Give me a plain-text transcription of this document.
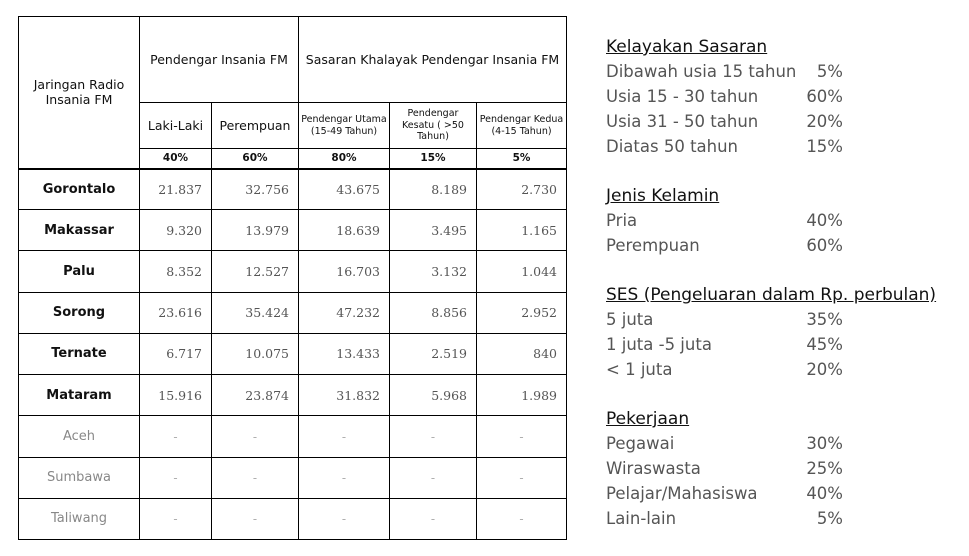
Jaringan Radio Insania FM	Pendengar Insania FM		Sasaran Khalayak Pendengar Insania FM		
	Laki-Laki	Perempuan	Pendengar Utama (15-49 Tahun)	Pendengar Kesatu ( >50 Tahun)	Pendengar Kedua (4-15 Tahun)
	40%	60%	80%	15%	5%
Gorontalo	21.837	32.756	43.675	8.189	2.730
Makassar	9.320	13.979	18.639	3.495	1.165
Palu	8.352	12.527	16.703	3.132	1.044
Sorong	23.616	35.424	47.232	8.856	2.952
Ternate	6.717	10.075	13.433	2.519	840
Mataram	15.916	23.874	31.832	5.968	1.989
Aceh	-	-	-	-	-
Sumbawa	-	-	-	-	-
Taliwang	-	-	-	-	-
Kelayakan Sasaran
Dibawah usia 15 tahun 5%
Usia 15 - 30 tahun	60%
Usia 31 - 50 tahun	20%
Diatas 50 tahun	15%
Jenis Kelamin
Pria	40%
Perempuan	60%
SES (Pengeluaran dalam Rp. perbulan)
5 juta	35%
1 juta -5 juta	45%
< 1 juta	20%
Pekerjaan
Pegawai	30%
Wiraswasta	25%
Pelajar/Mahasiswa	40%
Lain-lain	5%
